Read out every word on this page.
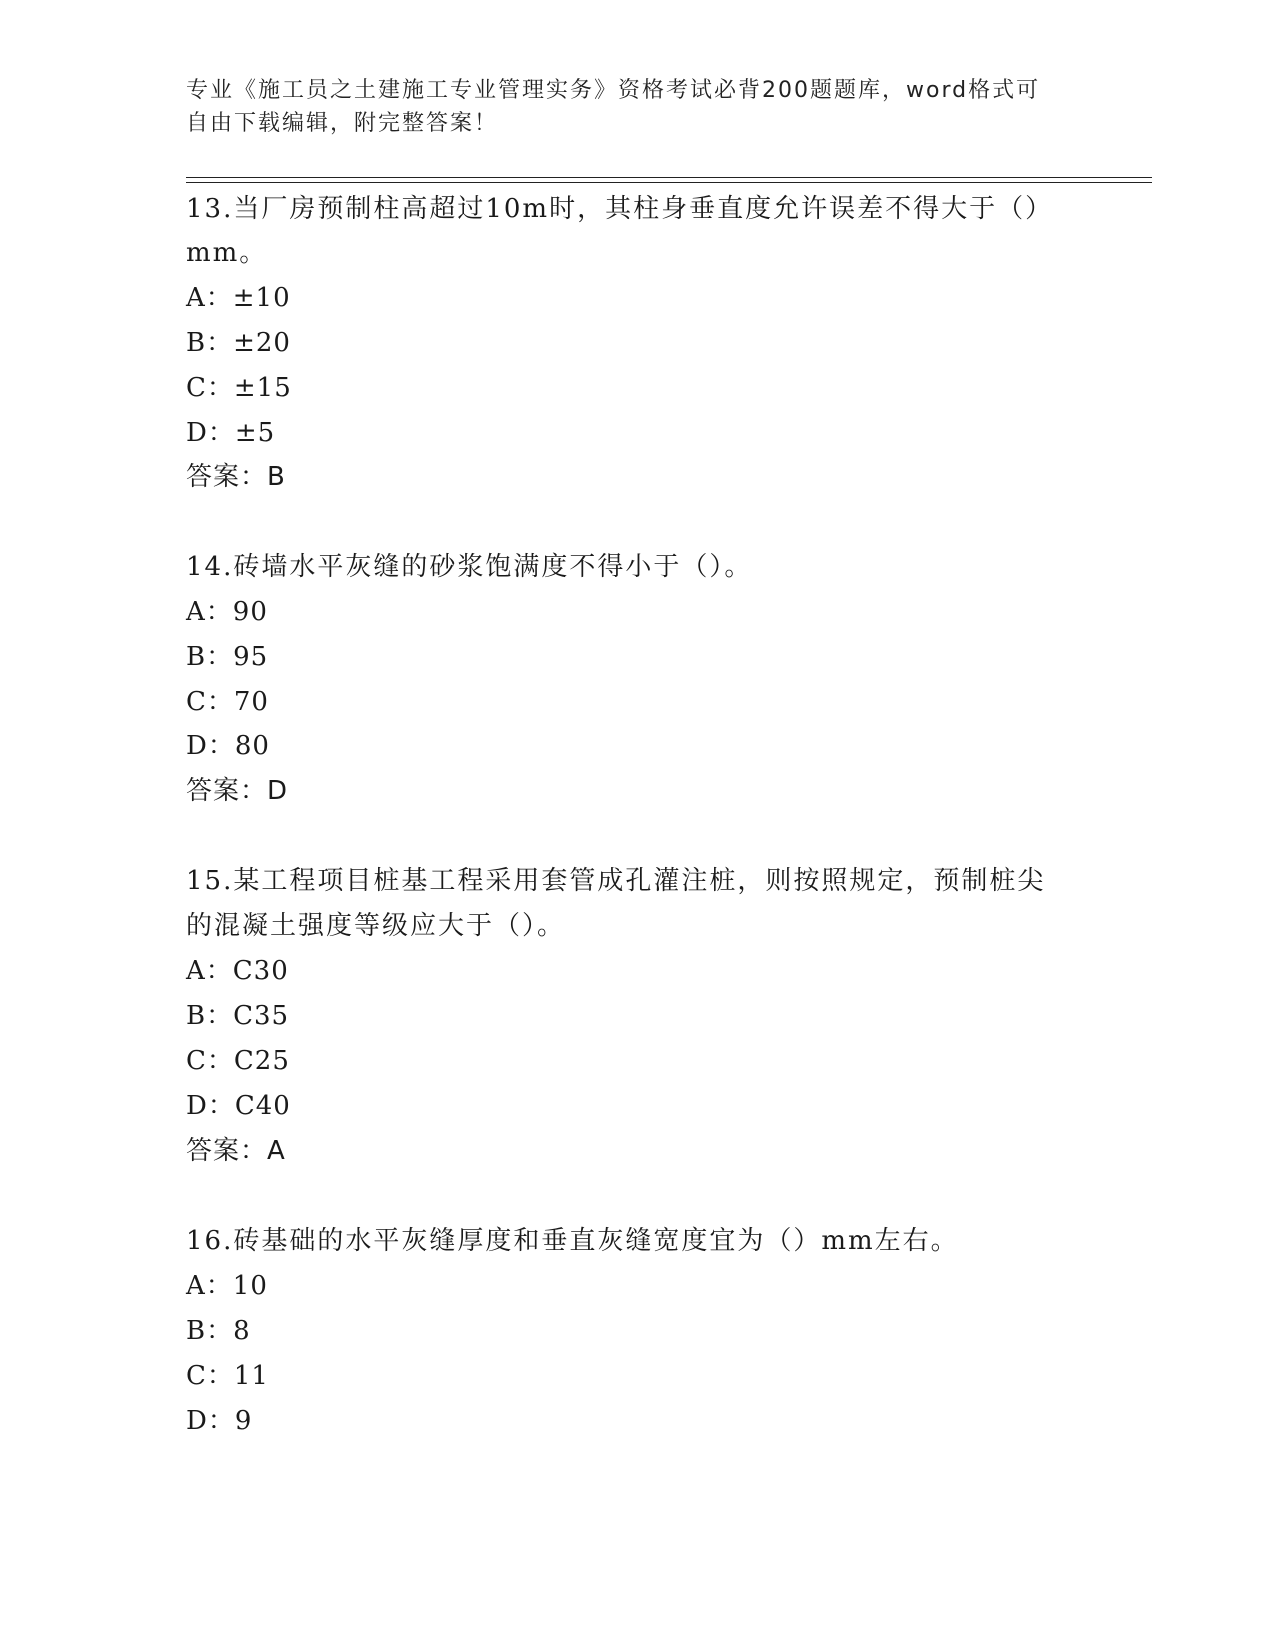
专业《施工员之土建施工专业管理实务》资格考试必背200题题库，word格式可
自由下载编辑，附完整答案！
13.当厂房预制柱高超过10m时，其柱身垂直度允许误差不得大于（）
mm。
A：±10
B：±20
C：±15
D：±5
答案：B
14.砖墙水平灰缝的砂浆饱满度不得小于（）。
A：90
B：95
C：70
D：80
答案：D
15.某工程项目桩基工程采用套管成孔灌注桩，则按照规定，预制桩尖
的混凝土强度等级应大于（）。
A：C30
B：C35
C：C25
D：C40
答案：A
16.砖基础的水平灰缝厚度和垂直灰缝宽度宜为（）mm左右。
A：10
B：8
C：11
D：9
